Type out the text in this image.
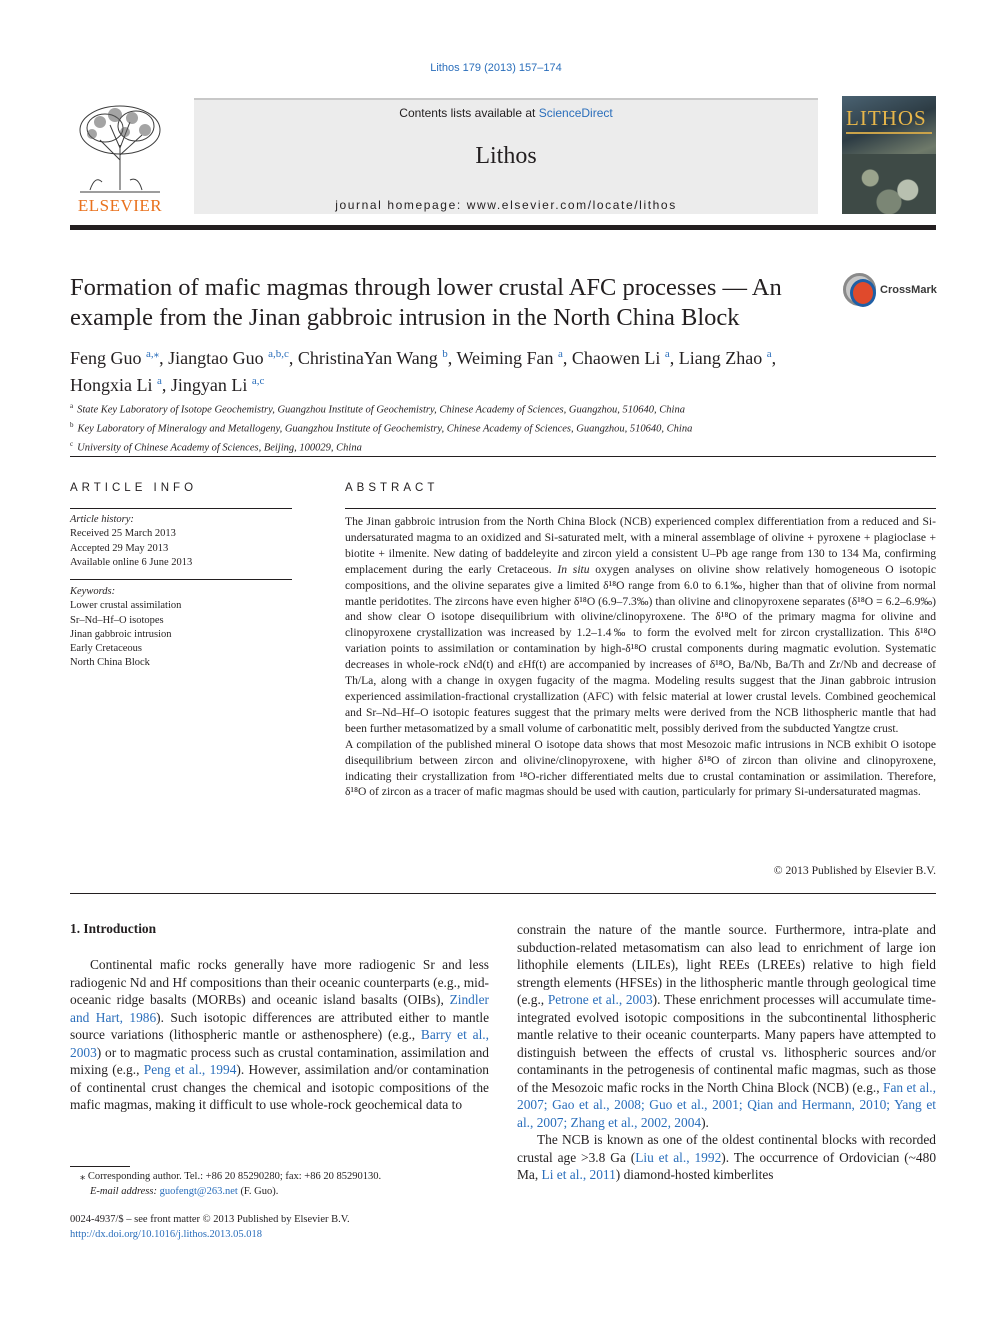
Lithos 179 (2013) 157–174
ELSEVIER
Contents lists available at ScienceDirect
Lithos
journal homepage: www.elsevier.com/locate/lithos
LITHOS
Formation of mafic magmas through lower crustal AFC processes — An
example from the Jinan gabbroic intrusion in the North China Block
CrossMark
Feng Guo $^{a,⁎}$, Jiangtao Guo $^{a,b,c}$, ChristinaYan Wang $^b$, Weiming Fan $^a$, Chaowen Li $^a$, Liang Zhao $^a$,
Hongxia Li $^a$, Jingyan Li $^{a,c}$
$^a$ State Key Laboratory of Isotope Geochemistry, Guangzhou Institute of Geochemistry, Chinese Academy of Sciences, Guangzhou, 510640, China
$^b$ Key Laboratory of Mineralogy and Metallogeny, Guangzhou Institute of Geochemistry, Chinese Academy of Sciences, Guangzhou, 510640, China
$^c$ University of Chinese Academy of Sciences, Beijing, 100029, China
ARTICLE INFO
Article history:
Received 25 March 2013
Accepted 29 May 2013
Available online 6 June 2013
Keywords:
Lower crustal assimilation
Sr–Nd–Hf–O isotopes
Jinan gabbroic intrusion
Early Cretaceous
North China Block
ABSTRACT

The Jinan gabbroic intrusion from the North China Block (NCB) experienced complex differentiation from a reduced and Si-undersaturated magma to an oxidized and Si-saturated melt, with a mineral assemblage of olivine + pyroxene + plagioclase + biotite + ilmenite. New dating of baddeleyite and zircon yield a consistent U–Pb age range from 130 to 134 Ma, confirming emplacement during the early Cretaceous. In situ oxygen analyses on olivine show relatively homogeneous O isotopic compositions, and the olivine separates give a limited δ¹⁸O range from 6.0 to 6.1‰, higher than that of olivine from normal mantle peridotites. The zircons have even higher δ¹⁸O (6.9–7.3‰) than olivine and clinopyroxene separates (δ¹⁸O = 6.2–6.9‰) and show clear O isotope disequilibrium with olivine/clinopyroxene. The δ¹⁸O of the primary magma for olivine and clinopyroxene crystallization was increased by 1.2–1.4‰ to form the evolved melt for zircon crystallization. This δ¹⁸O variation points to assimilation or contamination by high-δ¹⁸O crustal components during magmatic evolution. Systematic decreases in whole-rock εNd(t) and εHf(t) are accompanied by increases of δ¹⁸O, Ba/Nb, Ba/Th and Zr/Nb and decrease of Th/La, along with a change in oxygen fugacity of the magma. Modeling results suggest that the Jinan gabbroic intrusion experienced assimilation-fractional crystallization (AFC) with felsic material at lower crustal levels. Combined geochemical and Sr–Nd–Hf–O isotopic features suggest that the primary melts were derived from the NCB lithospheric mantle that had been further metasomatized by a small volume of carbonatitic melt, possibly derived from the subducted Yangtze crust.

A compilation of the published mineral O isotope data shows that most Mesozoic mafic intrusions in NCB exhibit O isotope disequilibrium between zircon and olivine/clinopyroxene, with higher δ¹⁸O of zircon than olivine and clinopyroxene, indicating their crystallization from ¹⁸O-richer differentiated melts due to crustal contamination or assimilation. Therefore, δ¹⁸O of zircon as a tracer of mafic magmas should be used with caution, particularly for primary Si-undersaturated magmas.

© 2013 Published by Elsevier B.V.
1. Introduction

Continental mafic rocks generally have more radiogenic Sr and less radiogenic Nd and Hf compositions than their oceanic counterparts (e.g., mid-oceanic ridge basalts (MORBs) and oceanic island basalts (OIBs), Zindler and Hart, 1986). Such isotopic differences are attributed either to mantle source variations (lithospheric mantle or asthenosphere) (e.g., Barry et al., 2003) or to magmatic process such as crustal contamination, assimilation and mixing (e.g., Peng et al., 1994). However, assimilation and/or contamination of continental crust changes the chemical and isotopic compositions of the mafic magmas, making it difficult to use whole-rock geochemical data to

constrain the nature of the mantle source. Furthermore, intra-plate and subduction-related metasomatism can also lead to enrichment of large ion lithophile elements (LILEs), light REEs (LREEs) relative to high field strength elements (HFSEs) in the lithospheric mantle through geological time (e.g., Petrone et al., 2003). These enrichment processes will accumulate time-integrated evolved isotopic compositions in the subcontinental lithospheric mantle relative to their oceanic counterparts. Many papers have attempted to distinguish between the effects of crustal vs. lithospheric sources and/or contaminants in the petrogenesis of continental mafic magmas, such as those of the Mesozoic mafic rocks in the North China Block (NCB) (e.g., Fan et al., 2007; Gao et al., 2008; Guo et al., 2001; Qian and Hermann, 2010; Yang et al., 2007; Zhang et al., 2002, 2004).

The NCB is known as one of the oldest continental blocks with recorded crustal age >3.8 Ga (Liu et al., 1992). The occurrence of Ordovician (~480 Ma, Li et al., 2011) diamond-hosted kimberlites

⁎ Corresponding author. Tel.: +86 20 85290280; fax: +86 20 85290130.
E-mail address: guofengt@263.net (F. Guo).
0024-4937/$ – see front matter © 2013 Published by Elsevier B.V.
http://dx.doi.org/10.1016/j.lithos.2013.05.018
